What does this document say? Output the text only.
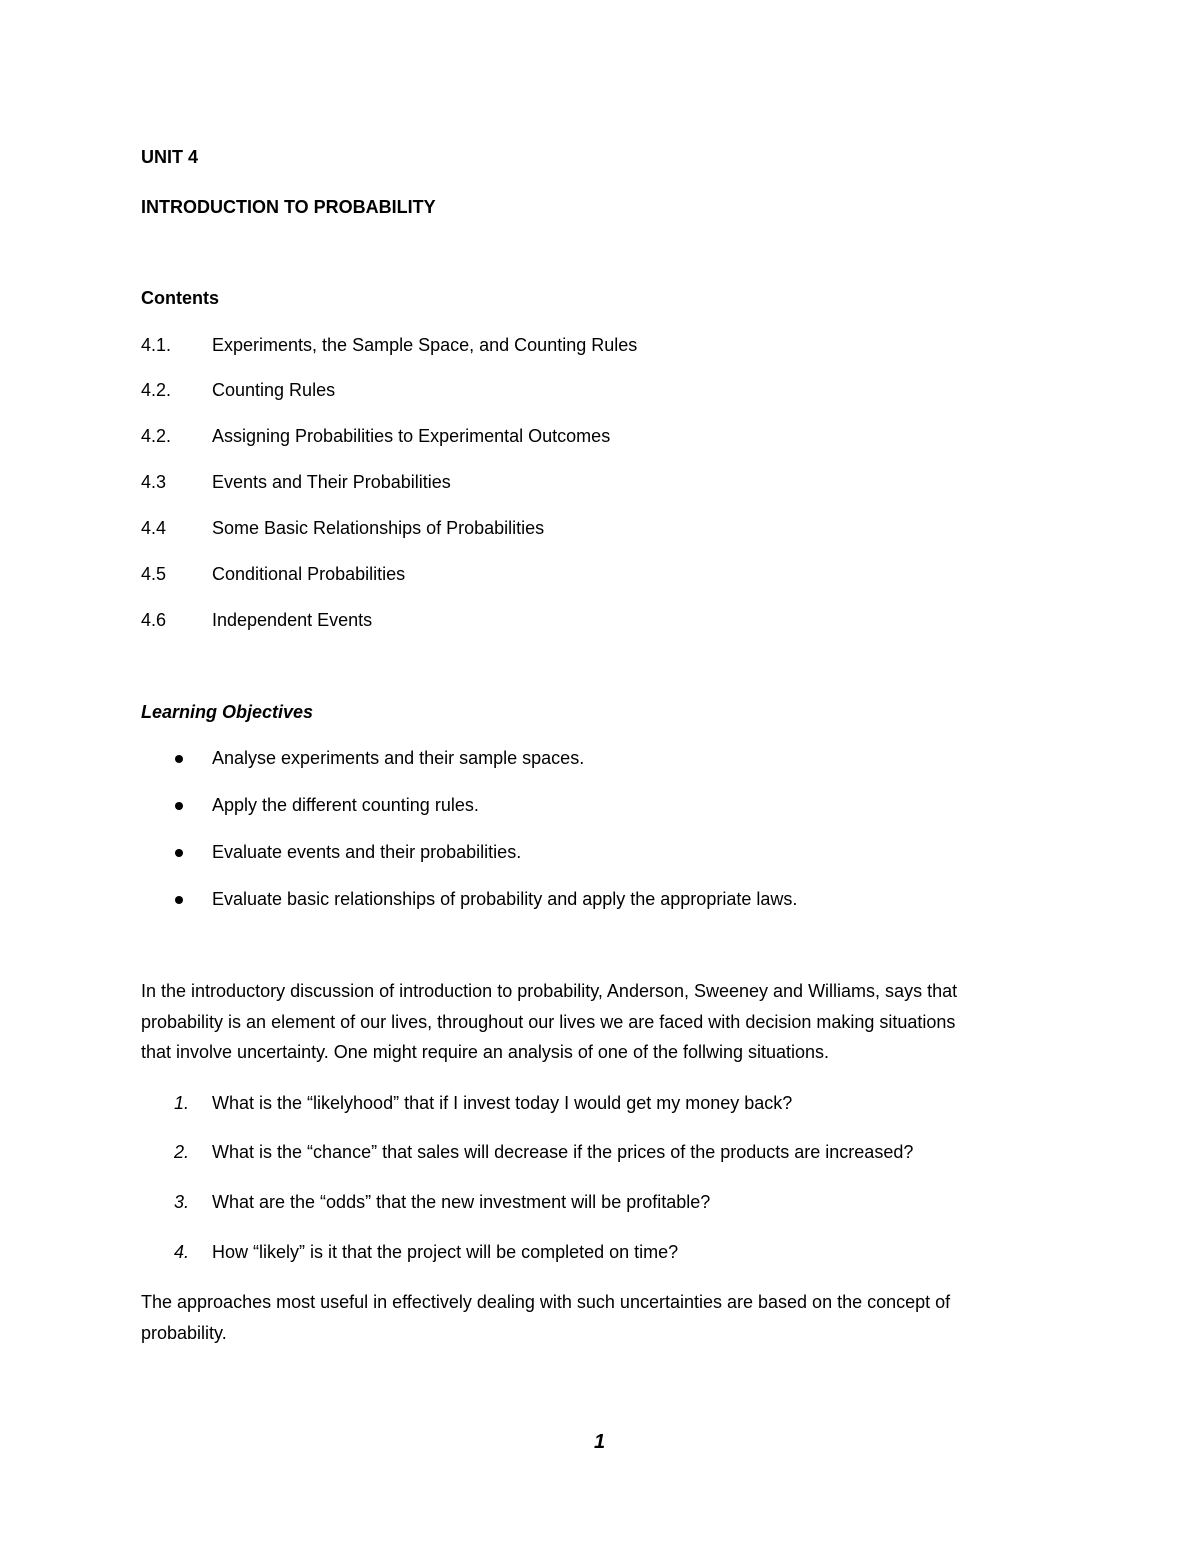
UNIT 4
INTRODUCTION TO PROBABILITY
Contents
4.1. Experiments, the Sample Space, and Counting Rules
4.2. Counting Rules
4.2. Assigning Probabilities to Experimental Outcomes
4.3	Events and Their Probabilities
4.4	Some Basic Relationships of Probabilities
4.5	Conditional Probabilities
4.6	Independent Events
Learning Objectives
Analyse experiments and their sample spaces.
Apply the different counting rules.
Evaluate events and their probabilities.
Evaluate basic relationships of probability and apply the appropriate laws.
In the introductory discussion of introduction to probability, Anderson, Sweeney and Williams, says that
probability is an element of our lives, throughout our lives we are faced with decision making situations
that involve uncertainty. One might require an analysis of one of the follwing situations.
1. What is the “likelyhood” that if I invest today I would get my money back?
2. What is the “chance” that sales will decrease if the prices of the products are increased?
3. What are the “odds” that the new investment will be profitable?
4. How “likely” is it that the project will be completed on time?
The approaches most useful in effectively dealing with such uncertainties are based on the concept of
probability.
1
